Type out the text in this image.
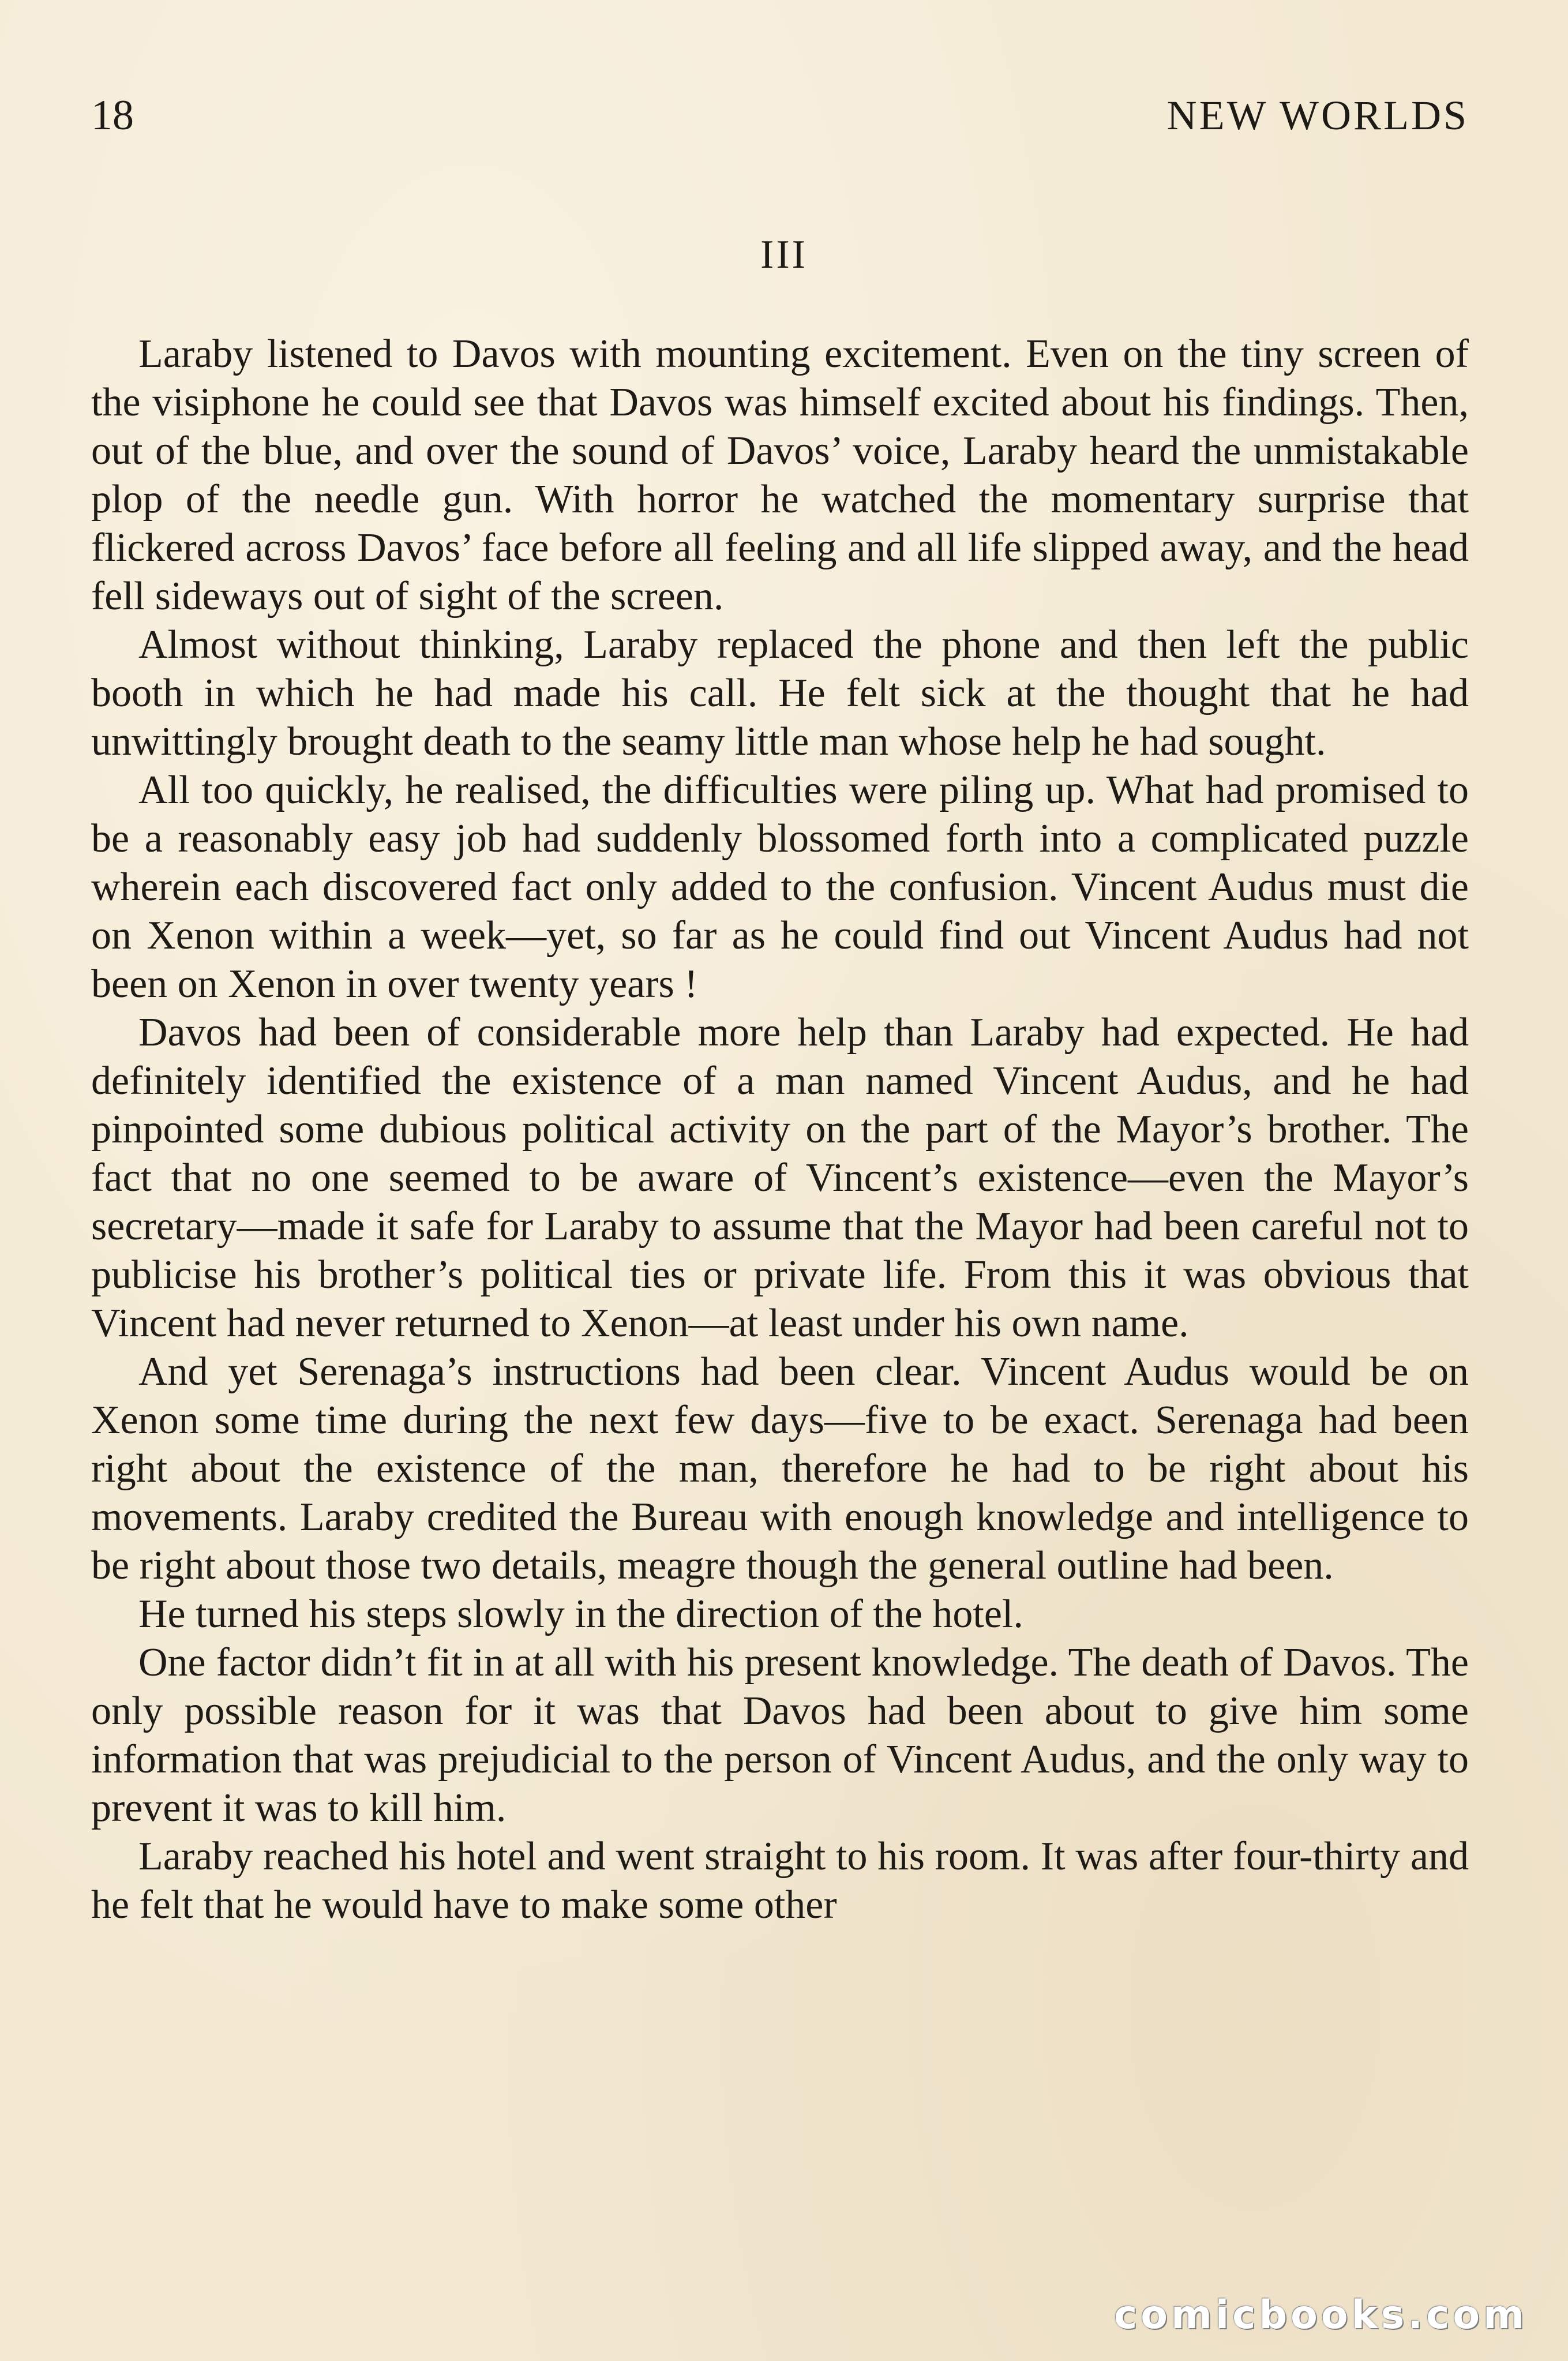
18	NEW WORLDS
III

Laraby listened to Davos with mounting excitement. Even on the tiny screen of the visiphone he could see that Davos was himself excited about his findings. Then, out of the blue, and over the sound of Davos’ voice, Laraby heard the unmistakable plop of the needle gun. With horror he watched the momentary surprise that flickered across Davos’ face before all feeling and all life slipped away, and the head fell sideways out of sight of the screen.

Almost without thinking, Laraby replaced the phone and then left the public booth in which he had made his call. He felt sick at the thought that he had unwittingly brought death to the seamy little man whose help he had sought.

All too quickly, he realised, the difficulties were piling up. What had promised to be a reasonably easy job had suddenly blossomed forth into a complicated puzzle wherein each discovered fact only added to the confusion. Vincent Audus must die on Xenon within a week—yet, so far as he could find out Vincent Audus had not been on Xenon in over twenty years !

Davos had been of considerable more help than Laraby had expected. He had definitely identified the existence of a man named Vincent Audus, and he had pinpointed some dubious political activity on the part of the Mayor’s brother. The fact that no one seemed to be aware of Vincent’s existence—even the Mayor’s secretary—made it safe for Laraby to assume that the Mayor had been careful not to publicise his brother’s political ties or private life. From this it was obvious that Vincent had never returned to Xenon—at least under his own name.

And yet Serenaga’s instructions had been clear. Vincent Audus would be on Xenon some time during the next few days—five to be exact. Serenaga had been right about the existence of the man, therefore he had to be right about his movements. Laraby credited the Bureau with enough knowledge and intelligence to be right about those two details, meagre though the general outline had been.

He turned his steps slowly in the direction of the hotel.

One factor didn’t fit in at all with his present knowledge. The death of Davos. The only possible reason for it was that Davos had been about to give him some information that was prejudicial to the person of Vincent Audus, and the only way to prevent it was to kill him.

Laraby reached his hotel and went straight to his room. It was after four-thirty and he felt that he would have to make some other

comicbooks.com
